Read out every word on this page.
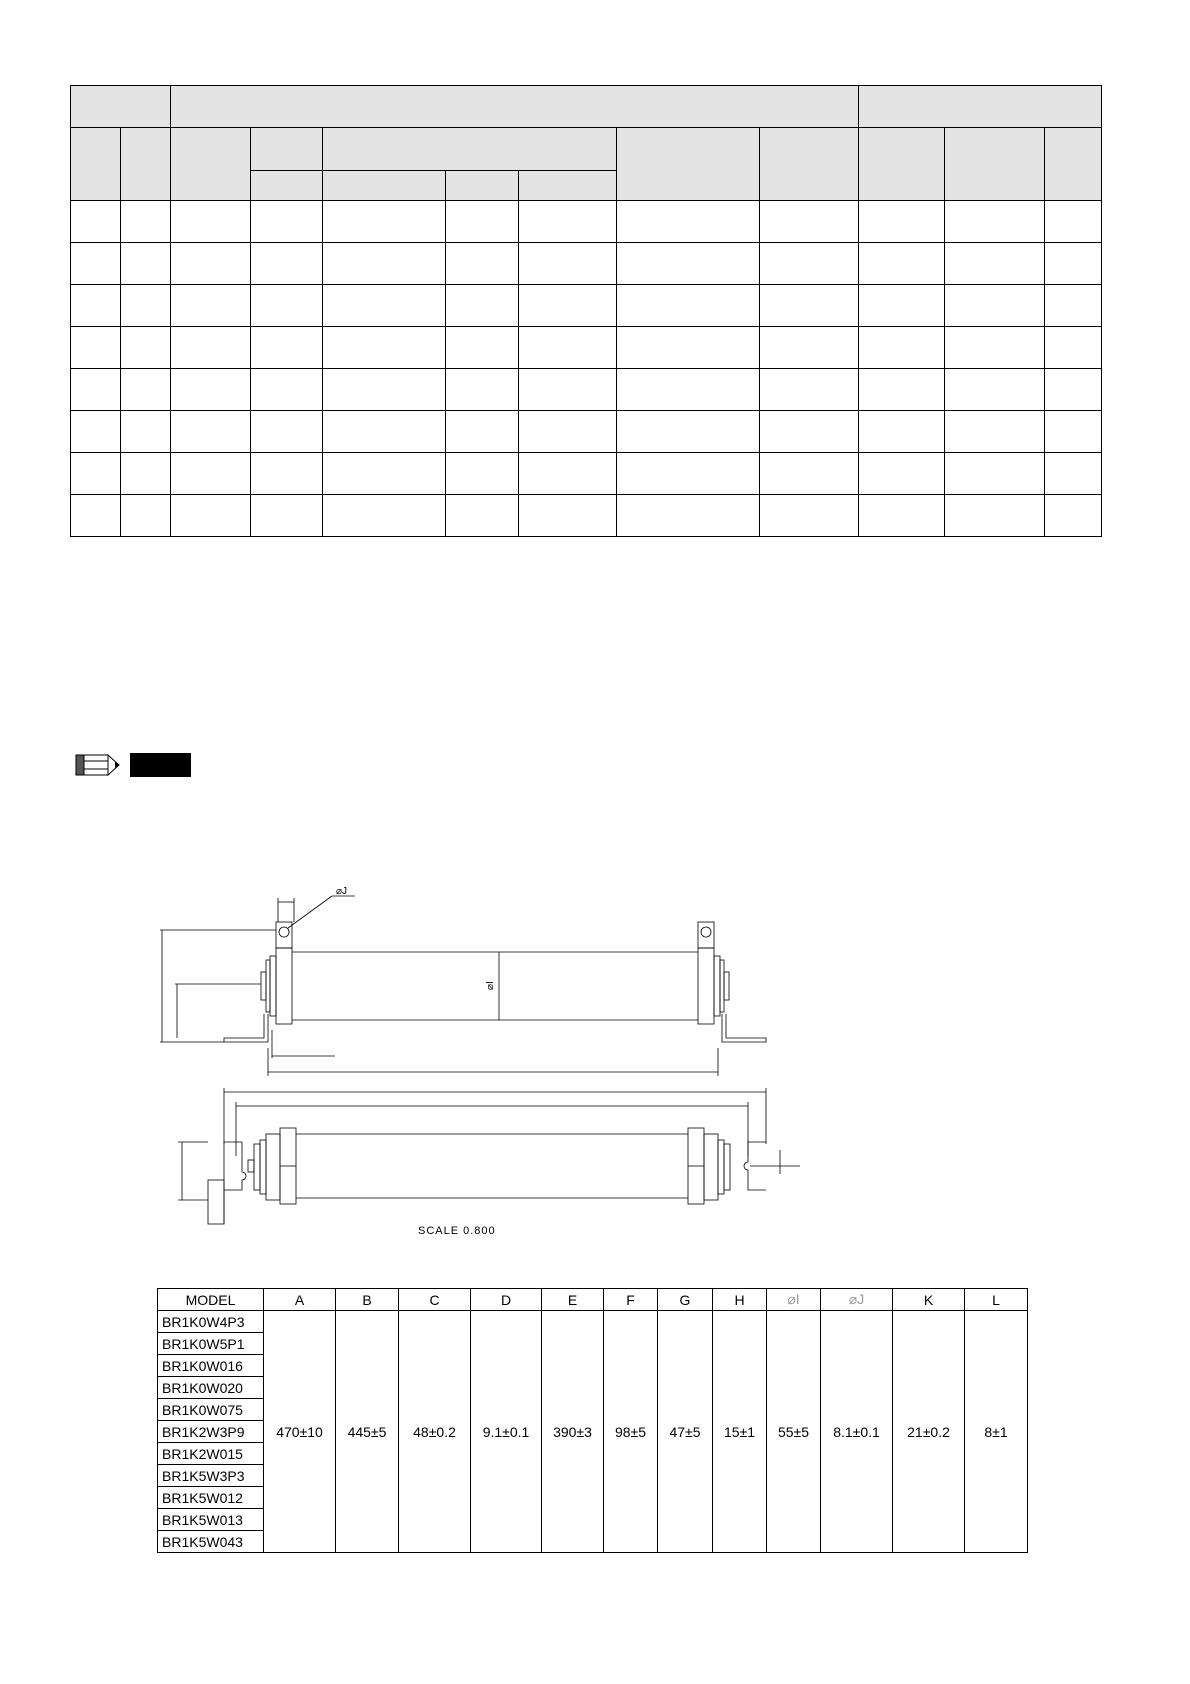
⌀J
⌀I
SCALE 0.800
MODEL	A	B	C	D	E	F	G	H	⌀I	⌀J	K	L
BR1K0W4P3	470±10	445±5	48±0.2	9.1±0.1	390±3	98±5	47±5	15±1	55±5	8.1±0.1	21±0.2	8±1
BR1K0W5P1												
BR1K0W016												
BR1K0W020												
BR1K0W075												
BR1K2W3P9												
BR1K2W015												
BR1K5W3P3												
BR1K5W012												
BR1K5W013												
BR1K5W043												
